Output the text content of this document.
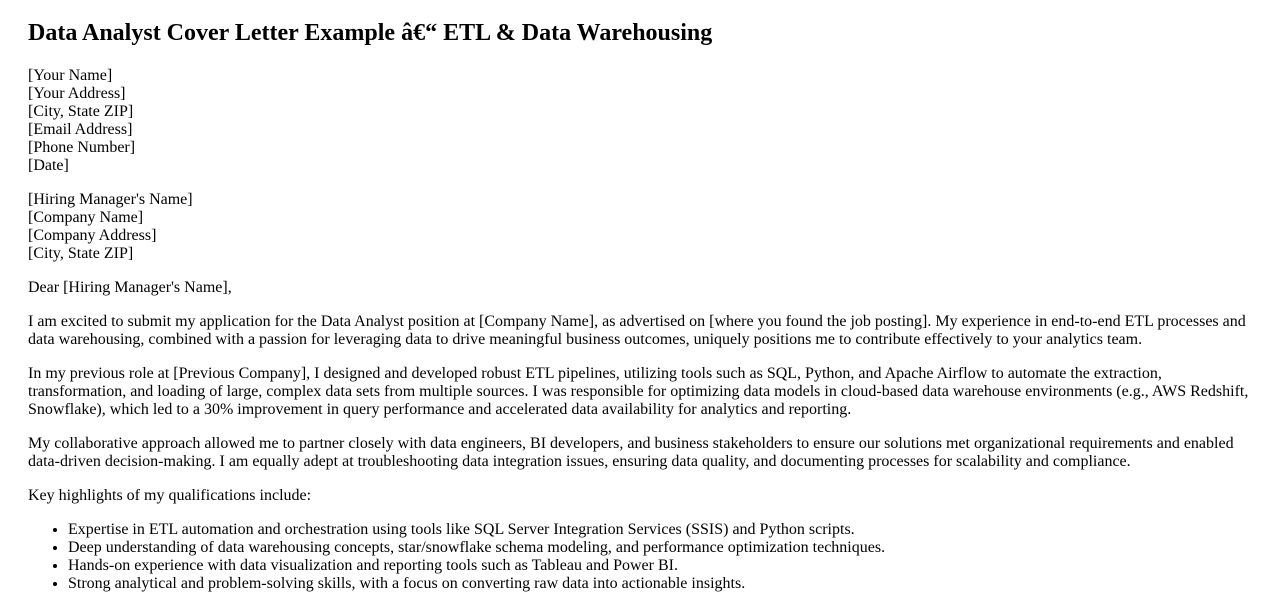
Data Analyst Cover Letter Example â€“ ETL & Data Warehousing

[Your Name]
[Your Address]
[City, State ZIP]
[Email Address]
[Phone Number]
[Date]

[Hiring Manager's Name]
[Company Name]
[Company Address]
[City, State ZIP]

Dear [Hiring Manager's Name],

I am excited to submit my application for the Data Analyst position at [Company Name], as advertised on [where you found the job posting]. My experience in end-to-end ETL processes and data warehousing, combined with a passion for leveraging data to drive meaningful business outcomes, uniquely positions me to contribute effectively to your analytics team.

In my previous role at [Previous Company], I designed and developed robust ETL pipelines, utilizing tools such as SQL, Python, and Apache Airflow to automate the extraction, transformation, and loading of large, complex data sets from multiple sources. I was responsible for optimizing data models in cloud-based data warehouse environments (e.g., AWS Redshift, Snowflake), which led to a 30% improvement in query performance and accelerated data availability for analytics and reporting.

My collaborative approach allowed me to partner closely with data engineers, BI developers, and business stakeholders to ensure our solutions met organizational requirements and enabled data-driven decision-making. I am equally adept at troubleshooting data integration issues, ensuring data quality, and documenting processes for scalability and compliance.

Key highlights of my qualifications include:

• Expertise in ETL automation and orchestration using tools like SQL Server Integration Services (SSIS) and Python scripts.
• Deep understanding of data warehousing concepts, star/snowflake schema modeling, and performance optimization techniques.
• Hands-on experience with data visualization and reporting tools such as Tableau and Power BI.
• Strong analytical and problem-solving skills, with a focus on converting raw data into actionable insights.
